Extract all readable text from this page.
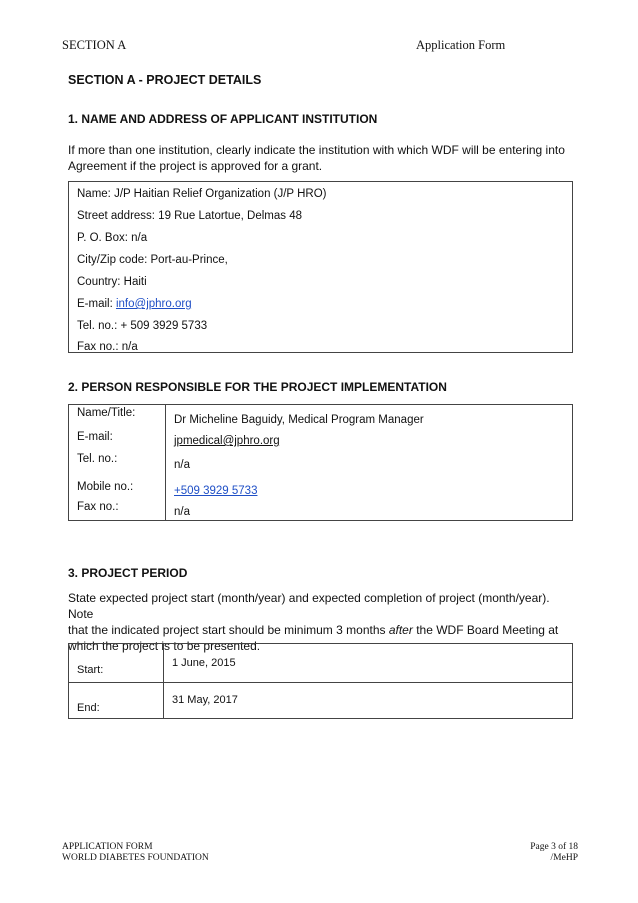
SECTION A	Application Form
SECTION A - PROJECT DETAILS
1. NAME AND ADDRESS OF APPLICANT INSTITUTION
If more than one institution, clearly indicate the institution with which WDF will be entering into
Agreement if the project is approved for a grant.
Name: J/P Haitian Relief Organization (J/P HRO)
Street address: 19 Rue Latortue, Delmas 48
P. O. Box: n/a
City/Zip code: Port-au-Prince,
Country: Haiti
E-mail: info@jphro.org
Tel. no.: + 509 3929 5733
Fax no.: n/a
2. PERSON RESPONSIBLE FOR THE PROJECT IMPLEMENTATION
Name/Title:
E-mail:
Tel. no.:
Mobile no.:
Fax no.:
Dr Micheline Baguidy, Medical Program Manager
jpmedical@jphro.org
n/a
+509 3929 5733
n/a
3. PROJECT PERIOD
State expected project start (month/year) and expected completion of project (month/year). Note
that the indicated project start should be minimum 3 months after the WDF Board Meeting at
which the project is to be presented.
Start:
1 June, 2015
End:
31 May, 2017
APPLICATION FORM
WORLD DIABETES FOUNDATION
Page 3 of 18
/MeHP
